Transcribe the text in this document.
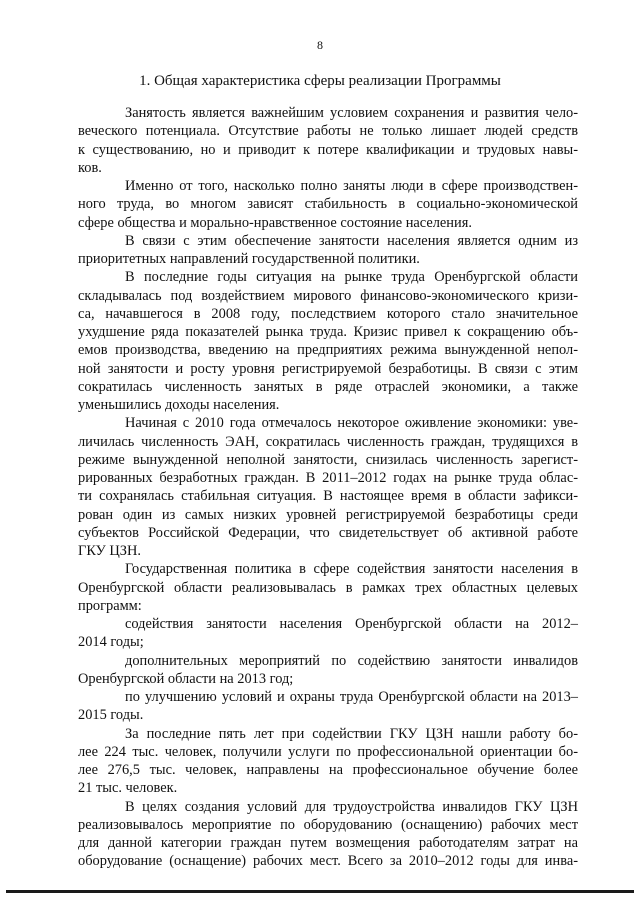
8
1. Общая характеристика сферы реализации Программы
Занятость является важнейшим условием сохранения и развития чело-
веческого потенциала. Отсутствие работы не только лишает людей средств
к существованию, но и приводит к потере квалификации и трудовых навы-
ков.
Именно от того, насколько полно заняты люди в сфере производствен-
ного труда, во многом зависят стабильность в социально-экономической
сфере общества и морально-нравственное состояние населения.
В связи с этим обеспечение занятости населения является одним из
приоритетных направлений государственной политики.
В последние годы ситуация на рынке труда Оренбургской области
складывалась под воздействием мирового финансово-экономического кризи-
са, начавшегося в 2008 году, последствием которого стало значительное
ухудшение ряда показателей рынка труда. Кризис привел к сокращению объ-
емов производства, введению на предприятиях режима вынужденной непол-
ной занятости и росту уровня регистрируемой безработицы. В связи с этим
сократилась численность занятых в ряде отраслей экономики, а также
уменьшились доходы населения.
Начиная с 2010 года отмечалось некоторое оживление экономики: уве-
личилась численность ЭАН, сократилась численность граждан, трудящихся в
режиме вынужденной неполной занятости, снизилась численность зарегист-
рированных безработных граждан. В 2011–2012 годах на рынке труда облас-
ти сохранялась стабильная ситуация. В настоящее время в области зафикси-
рован один из самых низких уровней регистрируемой безработицы среди
субъектов Российской Федерации, что свидетельствует об активной работе
ГКУ ЦЗН.
Государственная политика в сфере содействия занятости населения в
Оренбургской области реализовывалась в рамках трех областных целевых
программ:
содействия занятости населения Оренбургской области на 2012–
2014 годы;
дополнительных мероприятий по содействию занятости инвалидов
Оренбургской области на 2013 год;
по улучшению условий и охраны труда Оренбургской области на 2013–
2015 годы.
За последние пять лет при содействии ГКУ ЦЗН нашли работу бо-
лее 224 тыс. человек, получили услуги по профессиональной ориентации бо-
лее 276,5 тыс. человек, направлены на профессиональное обучение более
21 тыс. человек.
В целях создания условий для трудоустройства инвалидов ГКУ ЦЗН
реализовывалось мероприятие по оборудованию (оснащению) рабочих мест
для данной категории граждан путем возмещения работодателям затрат на
оборудование (оснащение) рабочих мест. Всего за 2010–2012 годы для инва-
